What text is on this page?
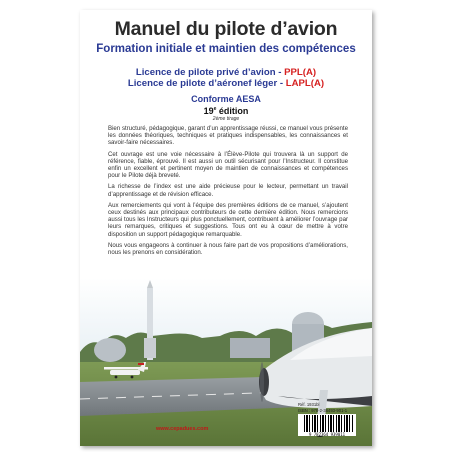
Manuel du pilote d’avion
Formation initiale et maintien des compétences
Licence de pilote privé d’avion - PPL(A)
Licence de pilote d’aéronef léger - LAPL(A)
Conforme AESA
19e édition
2ème tirage

Bien structuré, pédagogique, garant d’un apprentissage réussi, ce manuel vous présente les données théoriques, techniques et pratiques indispensables, les connaissances et savoir-faire nécessaires.

Cet ouvrage est une voie nécessaire à l’Élève-Pilote qui trouvera là un support de référence, fiable, éprouvé. Il est aussi un outil sécurisant pour l’Instructeur. Il constitue enfin un excellent et pertinent moyen de maintien de connaissances et compétences pour le Pilote déjà breveté.

La richesse de l’index est une aide précieuse pour le lecteur, permettant un travail d’apprentissage et de révision efficace.

Aux remerciements qui vont à l’équipe des premières éditions de ce manuel, s’ajoutent ceux destinés aux principaux contributeurs de cette dernière édition. Nous remercions aussi tous les Instructeurs qui plus ponctuellement, contribuent à améliorer l’ouvrage par leurs remarques, critiques et suggestions. Tous ont eu à cœur de mettre à votre disposition un support pédagogique remarquable.

Nous vous engageons à continuer à nous faire part de vos propositions d’améliorations, nous les prenons en considération.

Réf. 1931bl
ISBN : 978-2-36493-901-1
9 782364 939011
www.cepadues.com
